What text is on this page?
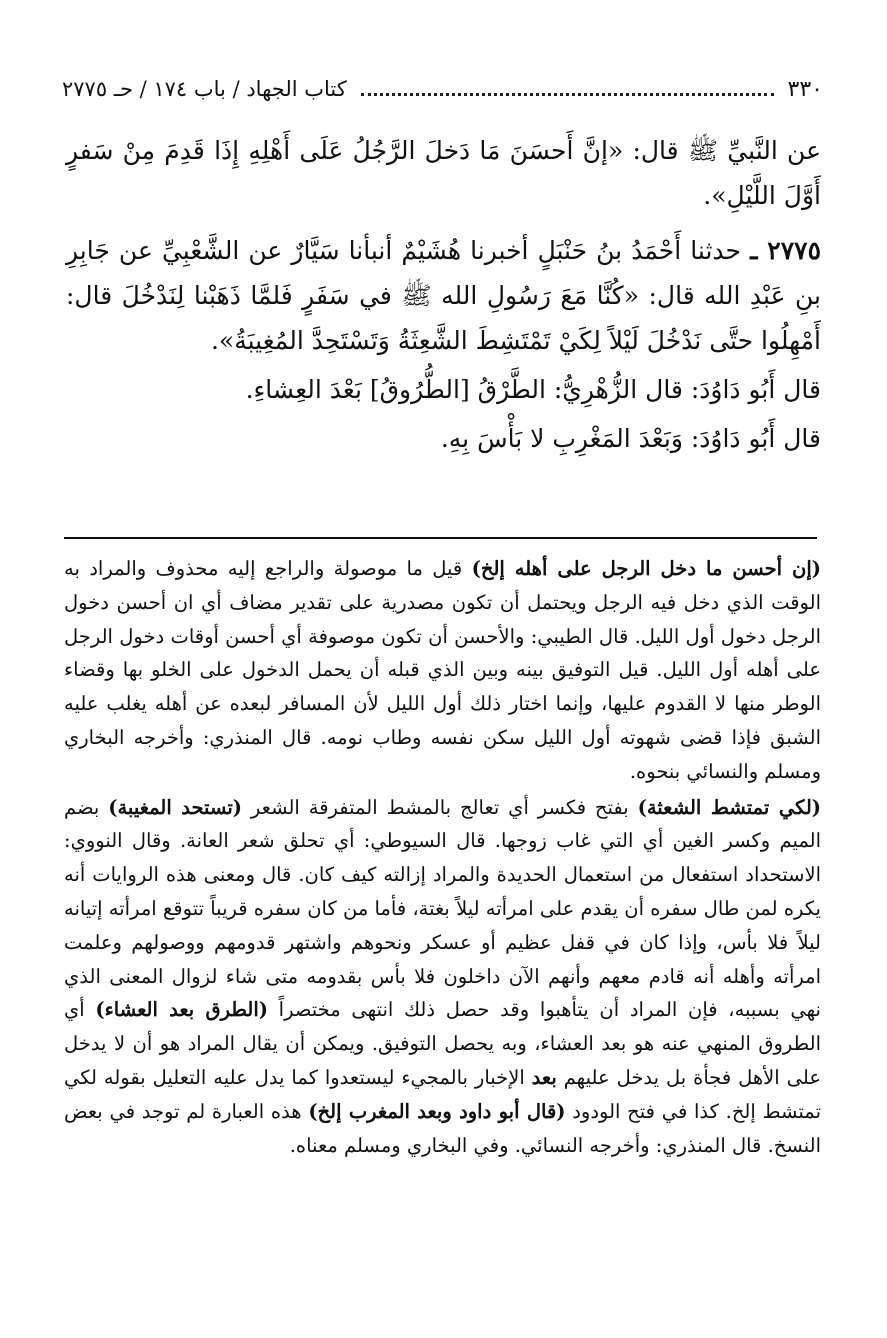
٣٣٠
كتاب الجهاد / باب ١٧٤ / حـ ٢٧٧٥

عن النَّبيِّ ﷺ قال: «إنَّ أَحسَنَ مَا دَخلَ الرَّجُلُ عَلَى أَهْلِهِ إِذَا قَدِمَ مِنْ سَفرٍ أَوَّلَ اللَّيْلِ».

٢٧٧٥ ـ حدثنا أَحْمَدُ بنُ حَنْبَلٍ أخبرنا هُشَيْمٌ أنبأنا سَيَّارٌ عن الشَّعْبِيِّ عن جَابِرِ بنِ عَبْدِ الله قال: «كُنَّا مَعَ رَسُولِ الله ﷺ في سَفَرٍ فَلمَّا ذَهَبْنا لِنَدْخُلَ قال: أَمْهِلُوا حتَّى نَدْخُلَ لَيْلاً لِكَيْ تَمْتَشِطَ الشَّعِثَةُ وَتَسْتَحِدَّ المُغِيبَةُ».

قال أَبُو دَاوُدَ: قال الزُّهْرِيُّ: الطَّرْقُ [الطُّرُوقُ] بَعْدَ العِشاءِ.

قال أَبُو دَاوُدَ: وَبَعْدَ المَغْرِبِ لا بَأْسَ بِهِ.

(إن أحسن ما دخل الرجل على أهله إلخ) قيل ما موصولة والراجع إليه محذوف والمراد به الوقت الذي دخل فيه الرجل ويحتمل أن تكون مصدرية على تقدير مضاف أي ان أحسن دخول الرجل دخول أول الليل. قال الطيبي: والأحسن أن تكون موصوفة أي أحسن أوقات دخول الرجل على أهله أول الليل. قيل التوفيق بينه وبين الذي قبله أن يحمل الدخول على الخلو بها وقضاء الوطر منها لا القدوم عليها، وإنما اختار ذلك أول الليل لأن المسافر لبعده عن أهله يغلب عليه الشبق فإذا قضى شهوته أول الليل سكن نفسه وطاب نومه. قال المنذري: وأخرجه البخاري ومسلم والنسائي بنحوه.

(لكي تمتشط الشعثة) بفتح فكسر أي تعالج بالمشط المتفرقة الشعر (تستحد المغيبة) بضم الميم وكسر الغين أي التي غاب زوجها. قال السيوطي: أي تحلق شعر العانة. وقال النووي: الاستحداد استفعال من استعمال الحديدة والمراد إزالته كيف كان. قال ومعنى هذه الروايات أنه يكره لمن طال سفره أن يقدم على امرأته ليلاً بغتة، فأما من كان سفره قريباً تتوقع امرأته إتيانه ليلاً فلا بأس، وإذا كان في قفل عظيم أو عسكر ونحوهم واشتهر قدومهم ووصولهم وعلمت امرأته وأهله أنه قادم معهم وأنهم الآن داخلون فلا بأس بقدومه متى شاء لزوال المعنى الذي نهي بسببه، فإن المراد أن يتأهبوا وقد حصل ذلك انتهى مختصراً (الطرق بعد العشاء) أي الطروق المنهي عنه هو بعد العشاء، وبه يحصل التوفيق. ويمكن أن يقال المراد هو أن لا يدخل على الأهل فجأة بل يدخل عليهم بعد الإخبار بالمجيء ليستعدوا كما يدل عليه التعليل بقوله لكي تمتشط إلخ. كذا في فتح الودود (قال أبو داود وبعد المغرب إلخ) هذه العبارة لم توجد في بعض النسخ. قال المنذري: وأخرجه النسائي. وفي البخاري ومسلم معناه.
